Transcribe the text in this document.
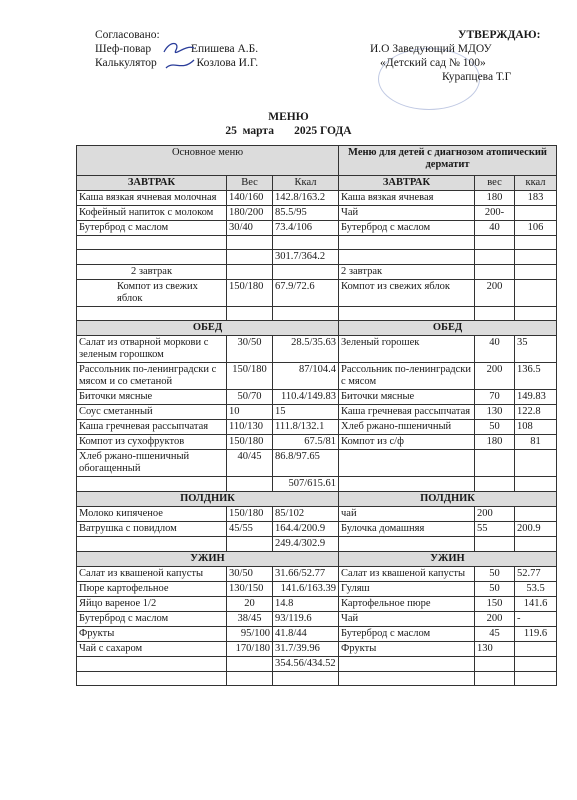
Согласовано:
Шеф-повар	Епишева А.Б.
Калькулятор	Козлова И.Г.
УТВЕРЖДАЮ:
И.О Заведующий МДОУ
«Детский сад № 100»
Курапцева Т.Г
МЕНЮ
25  марта       2025 ГОДА
Основное меню			Меню для детей с диагнозом атопический дерматит		
ЗАВТРАК	Вес	Ккал	ЗАВТРАК	вес	ккал
Каша вязкая ячневая молочная	140/160	142.8/163.2	Каша вязкая ячневая	180	183
Кофейный напиток с молоком	180/200	85.5/95	Чай	200-	
Бутерброд с маслом	30/40	73.4/106	Бутерброд с маслом	40	106

		301.7/364.2			
2 завтрак			2 завтрак		
Компот из свежих яблок	150/180	67.9/72.6	Компот из свежих яблок	200	

ОБЕД			ОБЕД		
Салат из отварной моркови с зеленым горошком	30/50	28.5/35.63	Зеленый горошек	40	35
Рассольник по-ленинградски с мясом и со сметаной	150/180	87/104.4	Рассольник по-ленинградски с мясом	200	136.5
Биточки мясные	50/70	110.4/149.83	Биточки мясные	70	149.83
Соус сметанный	10	15	Каша гречневая рассыпчатая	130	122.8
Каша гречневая рассыпчатая	110/130	111.8/132.1	Хлеб ржано-пшеничный	50	108
Компот из сухофруктов	150/180	67.5/81	Компот из с/ф	180	81
Хлеб ржано-пшеничный обогащенный	40/45	86.8/97.65			
		507/615.61			
ПОЛДНИК			ПОЛДНИК		
Молоко кипяченое	150/180	85/102	чай	200	
Ватрушка с повидлом	45/55	164.4/200.9	Булочка домашняя	55	200.9
		249.4/302.9			
УЖИН			УЖИН		
Салат из квашеной капусты	30/50	31.66/52.77	Салат из квашеной капусты	50	52.77
Пюре картофельное	130/150	141.6/163.39	Гуляш	50	53.5
Яйцо вареное 1/2	20	14.8	Картофельное пюре	150	141.6
Бутерброд с маслом	38/45	93/119.6	Чай	200	-
Фрукты	95/100	41.8/44	Бутерброд с маслом	45	119.6
Чай с сахаром	170/180	31.7/39.96	Фрукты	130	
		354.56/434.52			
